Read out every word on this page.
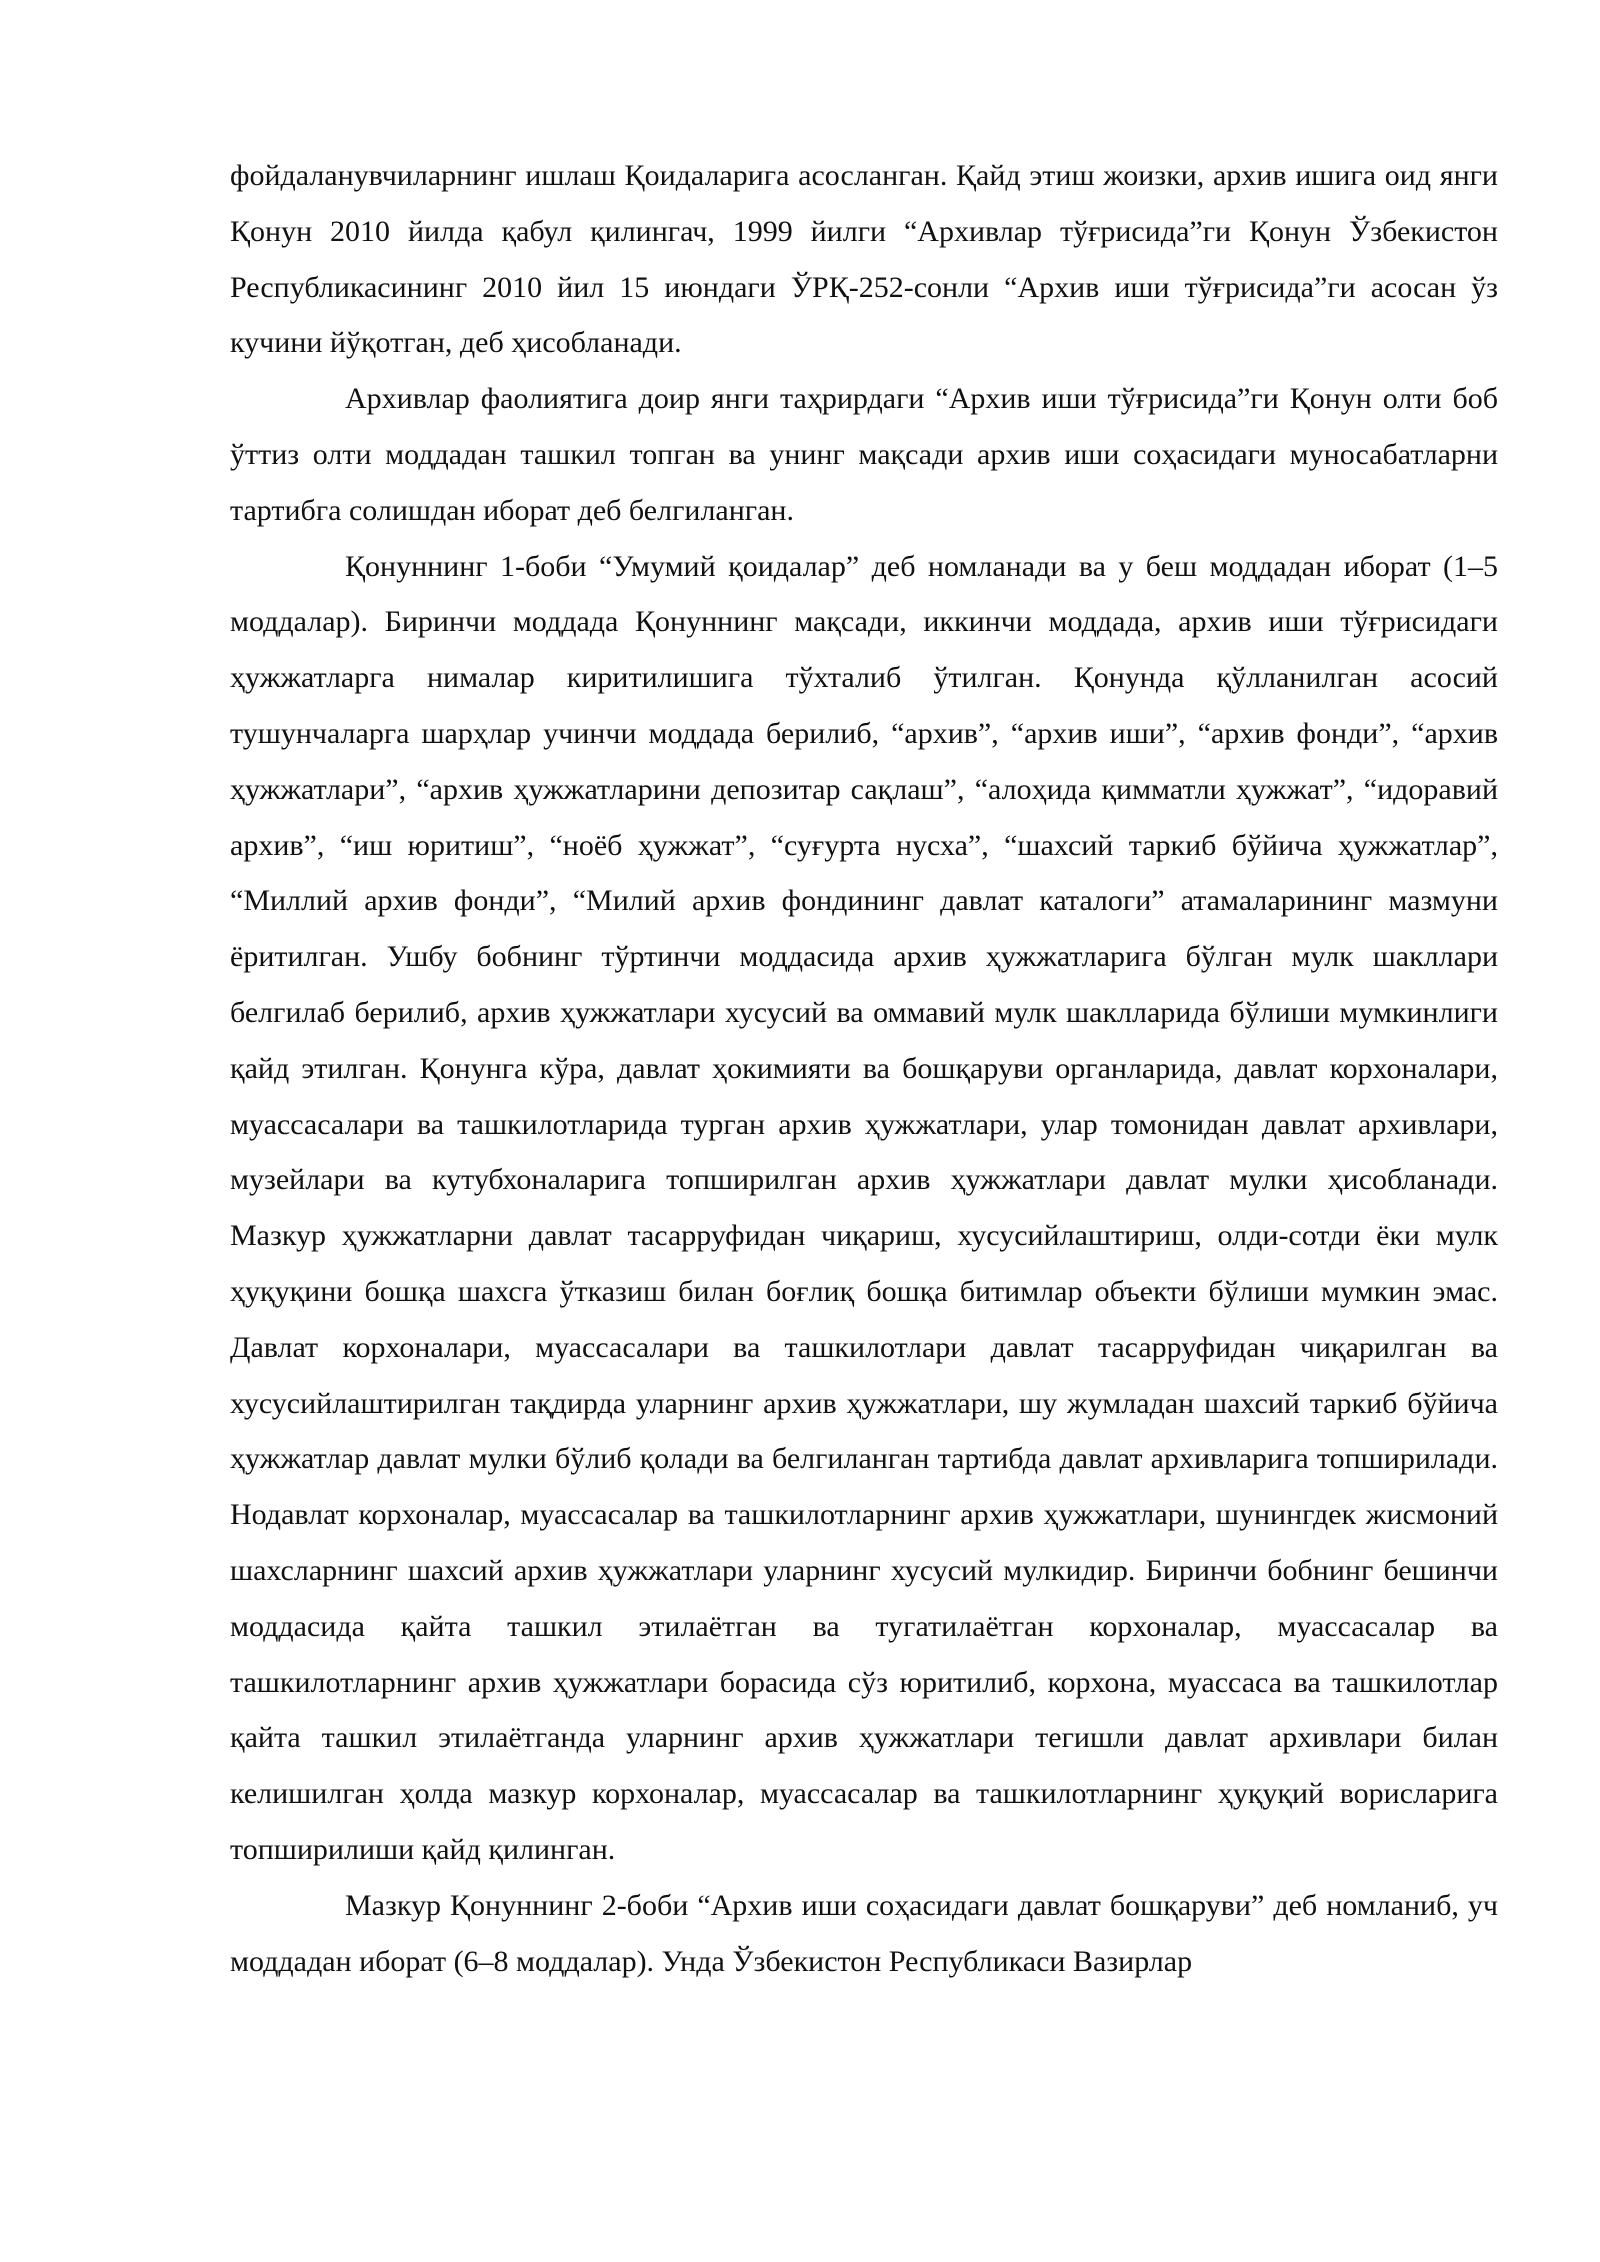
фойдаланувчиларнинг ишлаш Қоидаларига асосланган. Қайд этиш жоизки, архив ишига оид янги Қонун 2010 йилда қабул қилингач, 1999 йилги “Архивлар тўғрисида”ги Қонун Ўзбекистон Республикасининг 2010 йил 15 июндаги ЎРҚ-252-сонли “Архив иши тўғрисида”ги асосан ўз кучини йўқотган, деб ҳисобланади.

Архивлар фаолиятига доир янги таҳрирдаги “Архив иши тўғрисида”ги Қонун олти боб ўттиз олти моддадан ташкил топган ва унинг мақсади архив иши соҳасидаги муносабатларни тартибга солишдан иборат деб белгиланган.

Қонуннинг 1-боби “Умумий қоидалар” деб номланади ва у беш моддадан иборат (1–5 моддалар). Биринчи моддада Қонуннинг мақсади, иккинчи моддада, архив иши тўғрисидаги ҳужжатларга нималар киритилишига тўхталиб ўтилган. Қонунда қўлланилган асосий тушунчаларга шарҳлар учинчи моддада берилиб, “архив”, “архив иши”, “архив фонди”, “архив ҳужжатлари”, “архив ҳужжатларини депозитар сақлаш”, “алоҳида қимматли ҳужжат”, “идоравий архив”, “иш юритиш”, “ноёб ҳужжат”, “суғурта нусха”, “шахсий таркиб бўйича ҳужжатлар”, “Миллий архив фонди”, “Милий архив фондининг давлат каталоги” атамаларининг мазмуни ёритилган. Ушбу бобнинг тўртинчи моддасида архив ҳужжатларига бўлган мулк шакллари белгилаб берилиб, архив ҳужжатлари хусусий ва оммавий мулк шаклларида бўлиши мумкинлиги қайд этилган. Қонунга кўра, давлат ҳокимияти ва бошқаруви органларида, давлат корхоналари, муассасалари ва ташкилотларида турган архив ҳужжатлари, улар томонидан давлат архивлари, музейлари ва кутубхоналарига топширилган архив ҳужжатлари давлат мулки ҳисобланади. Мазкур ҳужжатларни давлат тасарруфидан чиқариш, хусусийлаштириш, олди-сотди ёки мулк ҳуқуқини бошқа шахсга ўтказиш билан боғлиқ бошқа битимлар объекти бўлиши мумкин эмас. Давлат корхоналари, муассасалари ва ташкилотлари давлат тасарруфидан чиқарилган ва хусусийлаштирилган тақдирда уларнинг архив ҳужжатлари, шу жумладан шахсий таркиб бўйича ҳужжатлар давлат мулки бўлиб қолади ва белгиланган тартибда давлат архивларига топширилади. Нодавлат корхоналар, муассасалар ва ташкилотларнинг архив ҳужжатлари, шунингдек жисмоний шахсларнинг шахсий архив ҳужжатлари уларнинг хусусий мулкидир. Биринчи бобнинг бешинчи моддасида қайта ташкил этилаётган ва тугатилаётган корхоналар, муассасалар ва ташкилотларнинг архив ҳужжатлари борасида сўз юритилиб, корхона, муассаса ва ташкилотлар қайта ташкил этилаётганда уларнинг архив ҳужжатлари тегишли давлат архивлари билан келишилган ҳолда мазкур корхоналар, муассасалар ва ташкилотларнинг ҳуқуқий ворисларига топширилиши қайд қилинган.

Мазкур Қонуннинг 2-боби “Архив иши соҳасидаги давлат бошқаруви” деб номланиб, уч моддадан иборат (6–8 моддалар). Унда Ўзбекистон Республикаси Вазирлар
